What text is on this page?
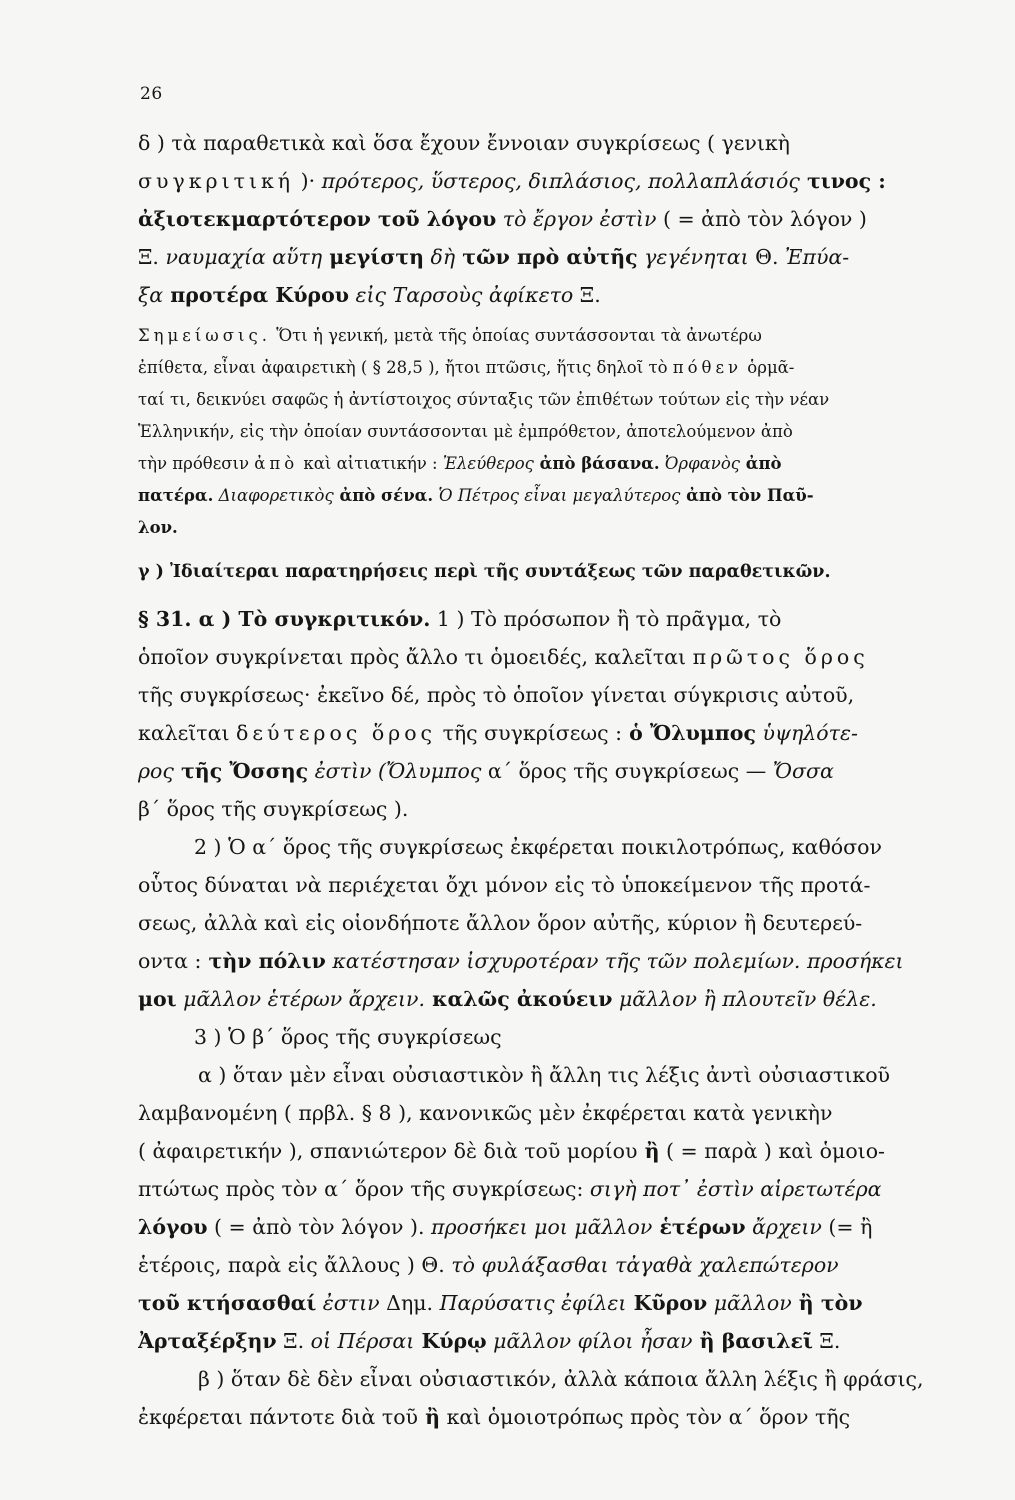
26
δ ) τὰ παραθετικὰ καὶ ὅσα ἔχουν ἔννοιαν συγκρίσεως ( γενικὴ
συγκριτική )· πρότερος, ὕστερος, διπλάσιος, πολλαπλάσιός τινος :
ἀξιοτεκμαρτότερον τοῦ λόγου τὸ ἔργον ἐστὶν ( = ἀπὸ τὸν λόγον )
Ξ. ναυμαχία αὕτη μεγίστη δὴ τῶν πρὸ αὐτῆς γεγένηται Θ. Ἐπύα-
ξα προτέρα Κύρου εἰς Ταρσοὺς ἀφίκετο Ξ.
Σημείωσις. Ὅτι ἡ γενική, μετὰ τῆς ὁποίας συντάσσονται τὰ ἀνωτέρω
ἐπίθετα, εἶναι ἀφαιρετικὴ ( § 28,5 ), ἤτοι πτῶσις, ἥτις δηλοῖ τὸ πόθεν ὁρμᾶ-
ταί τι, δεικνύει σαφῶς ἡ ἀντίστοιχος σύνταξις τῶν ἐπιθέτων τούτων εἰς τὴν νέαν
Ἑλληνικήν, εἰς τὴν ὁποίαν συντάσσονται μὲ ἐμπρόθετον, ἀποτελούμενον ἀπὸ
τὴν πρόθεσιν ἀπὸ καὶ αἰτιατικήν : Ἐλεύθερος ἀπὸ βάσανα. Ὀρφανὸς ἀπὸ
πατέρα. Διαφορετικὸς ἀπὸ σένα. Ὁ Πέτρος εἶναι μεγαλύτερος ἀπὸ τὸν Παῦ-
λον.
γ ) Ἰδιαίτεραι παρατηρήσεις περὶ τῆς συντάξεως τῶν παραθετικῶν.
§ 31. α ) Τὸ συγκριτικόν. 1 ) Τὸ πρόσωπον ἢ τὸ πρᾶγμα, τὸ
ὁποῖον συγκρίνεται πρὸς ἄλλο τι ὁμοειδές, καλεῖται πρῶτος ὅρος
τῆς συγκρίσεως· ἐκεῖνο δέ, πρὸς τὸ ὁποῖον γίνεται σύγκρισις αὐτοῦ,
καλεῖται δεύτερος ὅρος τῆς συγκρίσεως : ὁ Ὄλυμπος ὑψηλότε-
ρος τῆς Ὄσσης ἐστὶν (Ὄλυμπος α΄ ὅρος τῆς συγκρίσεως — Ὄσσα
β΄ ὅρος τῆς συγκρίσεως ).
2 ) Ὁ α΄ ὅρος τῆς συγκρίσεως ἐκφέρεται ποικιλοτρόπως, καθόσον
οὗτος δύναται νὰ περιέχεται ὄχι μόνον εἰς τὸ ὑποκείμενον τῆς προτά-
σεως, ἀλλὰ καὶ εἰς οἱονδήποτε ἄλλον ὅρον αὐτῆς, κύριον ἢ δευτερεύ-
οντα : τὴν πόλιν κατέστησαν ἰσχυροτέραν τῆς τῶν πολεμίων. προσήκει
μοι μᾶλλον ἑτέρων ἄρχειν. καλῶς ἀκούειν μᾶλλον ἢ πλουτεῖν θέλε.
3 ) Ὁ β΄ ὅρος τῆς συγκρίσεως
α ) ὅταν μὲν εἶναι οὐσιαστικὸν ἢ ἄλλη τις λέξις ἀντὶ οὐσιαστικοῦ
λαμβανομένη ( πρβλ. § 8 ), κανονικῶς μὲν ἐκφέρεται κατὰ γενικὴν
( ἀφαιρετικήν ), σπανιώτερον δὲ διὰ τοῦ μορίου ἢ ( = παρὰ ) καὶ ὁμοιο-
πτώτως πρὸς τὸν α΄ ὅρον τῆς συγκρίσεως: σιγὴ ποτ᾿ ἐστὶν αἱρετωτέρα
λόγου ( = ἀπὸ τὸν λόγον ). προσήκει μοι μᾶλλον ἑτέρων ἄρχειν (= ἢ
ἑτέροις, παρὰ εἰς ἄλλους ) Θ. τὸ φυλάξασθαι τἀγαθὰ χαλεπώτερον
τοῦ κτήσασθαί ἐστιν Δημ. Παρύσατις ἐφίλει Κῦρον μᾶλλον ἢ τὸν
Ἀρταξέρξην Ξ. οἱ Πέρσαι Κύρῳ μᾶλλον φίλοι ἦσαν ἢ βασιλεῖ Ξ.
β ) ὅταν δὲ δὲν εἶναι οὐσιαστικόν, ἀλλὰ κάποια ἄλλη λέξις ἢ φράσις,
ἐκφέρεται πάντοτε διὰ τοῦ ἢ καὶ ὁμοιοτρόπως πρὸς τὸν α΄ ὅρον τῆς
